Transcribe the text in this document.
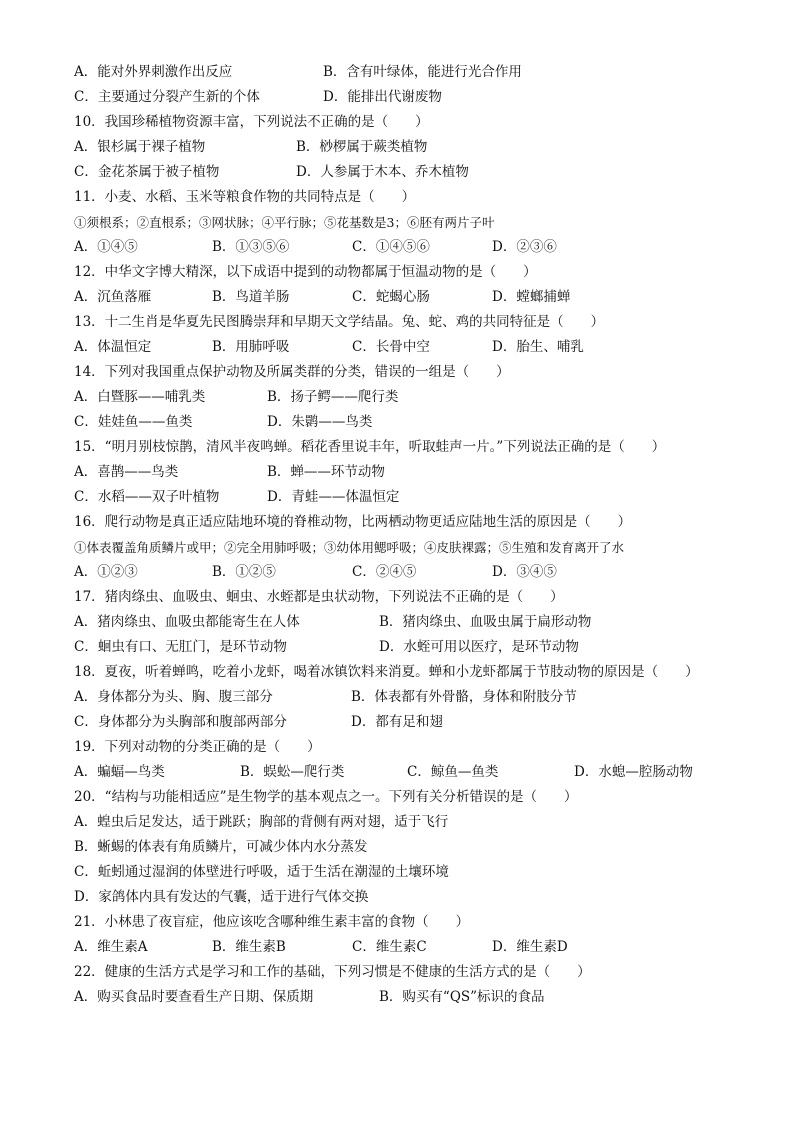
A．能对外界刺激作出反应	B．含有叶绿体，能进行光合作用
C．主要通过分裂产生新的个体	D．能排出代谢废物
10．我国珍稀植物资源丰富，下列说法不正确的是（　　）
A．银杉属于裸子植物	B．桫椤属于蕨类植物
C．金花茶属于被子植物	D．人参属于木本、乔木植物
11．小麦、水稻、玉米等粮食作物的共同特点是（　　）
①须根系；②直根系；③网状脉；④平行脉；⑤花基数是3；⑥胚有两片子叶
A．①④⑤	B．①③⑤⑥	C．①④⑤⑥	D．②③⑥
12．中华文字博大精深，以下成语中提到的动物都属于恒温动物的是（　　）
A．沉鱼落雁	B．鸟道羊肠	C．蛇蝎心肠	D．螳螂捕蝉
13．十二生肖是华夏先民图腾崇拜和早期天文学结晶。兔、蛇、鸡的共同特征是（　　）
A．体温恒定	B．用肺呼吸	C．长骨中空	D．胎生、哺乳
14．下列对我国重点保护动物及所属类群的分类，错误的一组是（　　）
A．白暨豚——哺乳类	B．扬子鳄——爬行类
C．娃娃鱼——鱼类	D．朱鹮——鸟类
15．“明月别枝惊鹊，清风半夜鸣蝉。稻花香里说丰年，听取蛙声一片。”下列说法正确的是（　　）
A．喜鹊——鸟类	B．蝉——环节动物
C．水稻——双子叶植物	D．青蛙——体温恒定
16．爬行动物是真正适应陆地环境的脊椎动物，比两栖动物更适应陆地生活的原因是（　　）
①体表覆盖角质鳞片或甲；②完全用肺呼吸；③幼体用鳃呼吸；④皮肤裸露；⑤生殖和发育离开了水
A．①②③	B．①②⑤	C．②④⑤	D．③④⑤
17．猪肉绦虫、血吸虫、蛔虫、水蛭都是虫状动物，下列说法不正确的是（　　）
A．猪肉绦虫、血吸虫都能寄生在人体	B．猪肉绦虫、血吸虫属于扁形动物
C．蛔虫有口、无肛门，是环节动物	D．水蛭可用以医疗，是环节动物
18．夏夜，听着蝉鸣，吃着小龙虾，喝着冰镇饮料来消夏。蝉和小龙虾都属于节肢动物的原因是（　　）
A．身体都分为头、胸、腹三部分	B．体表都有外骨骼，身体和附肢分节
C．身体都分为头胸部和腹部两部分	D．都有足和翅
19．下列对动物的分类正确的是（　　）
A．蝙蝠—鸟类	B．蜈蚣—爬行类	C．鲸鱼—鱼类	D．水螅—腔肠动物
20．“结构与功能相适应”是生物学的基本观点之一。下列有关分析错误的是（　　）
A．蝗虫后足发达，适于跳跃；胸部的背侧有两对翅，适于飞行
B．蜥蜴的体表有角质鳞片，可减少体内水分蒸发
C．蚯蚓通过湿润的体壁进行呼吸，适于生活在潮湿的土壤环境
D．家鸽体内具有发达的气囊，适于进行气体交换
21．小林患了夜盲症，他应该吃含哪种维生素丰富的食物（　　）
A．维生素A	B．维生素B	C．维生素C	D．维生素D
22．健康的生活方式是学习和工作的基础，下列习惯是不健康的生活方式的是（　　）
A．购买食品时要查看生产日期、保质期	B．购买有“QS”标识的食品
